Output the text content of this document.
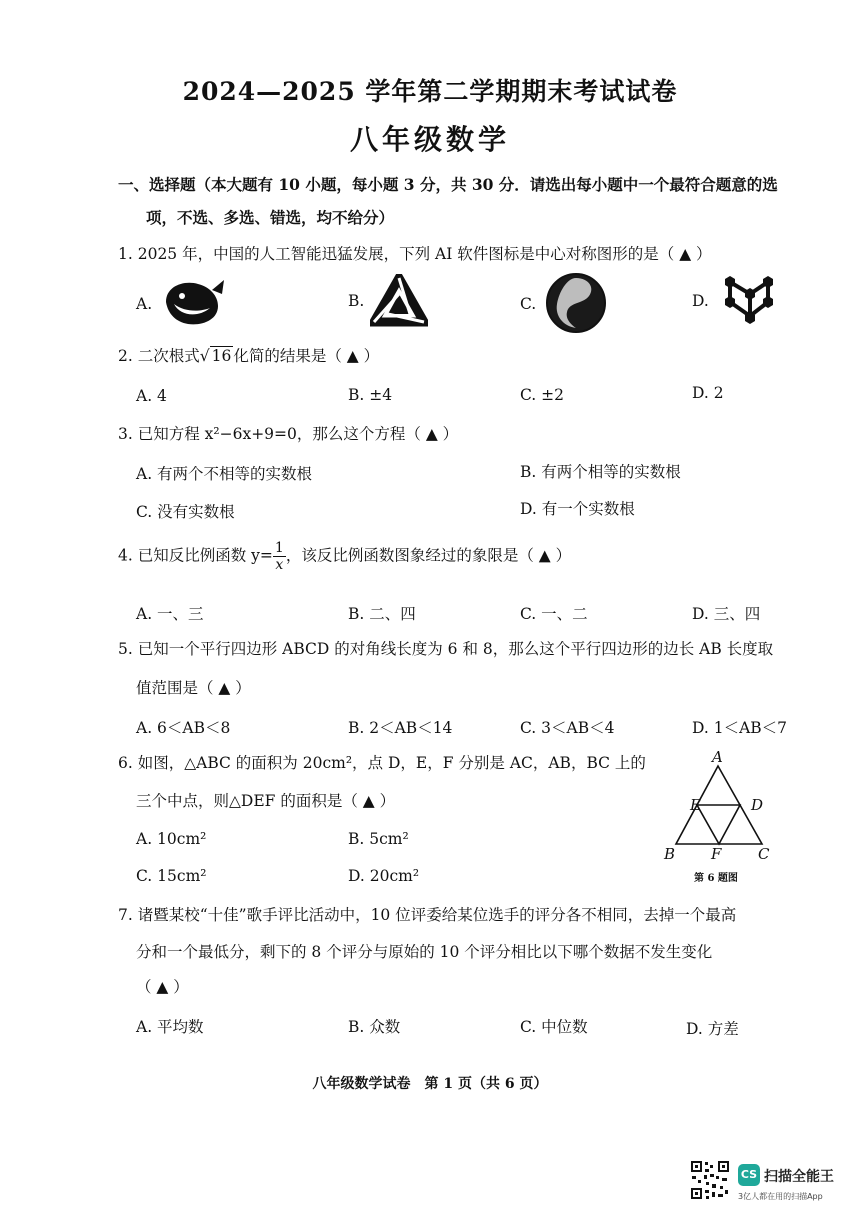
2024—2025 学年第二学期期末考试试卷
八年级数学
一、选择题（本大题有 10 小题，每小题 3 分，共 30 分．请选出每小题中一个最符合题意的选
项，不选、多选、错选，均不给分）
1. 2025 年，中国的人工智能迅猛发展，下列 AI 软件图标是中心对称图形的是（ ▲ ）
A.	B.	C.	D.
2. 二次根式√ 16 化简的结果是（ ▲ ）
A. 4	B. ±4	C. ±2	D. 2
3. 已知方程 x²−6x+9=0，那么这个方程（ ▲ ）
A. 有两个不相等的实数根	B. 有两个相等的实数根
C. 没有实数根	D. 有一个实数根
4. 已知反比例函数 $y= \frac{1}{x}$ ，该反比例函数图象经过的象限是（ ▲ ）
A. 一、三	B. 二、四	C. 一、二	D. 三、四
5. 已知一个平行四边形 ABCD 的对角线长度为 6 和 8，那么这个平行四边形的边长 AB 长度取
值范围是（ ▲ ）
A. 6＜AB＜8	B. 2＜AB＜14	C. 3＜AB＜4	D. 1＜AB＜7
6. 如图，△ABC 的面积为 20cm²，点 D，E，F 分别是 AC，AB，BC 上的
三个中点，则△DEF 的面积是（ ▲ ）
A. 10cm²	B. 5cm²
C. 15cm²	D. 20cm²
A
E	D
B F C
第 6 题图
7. 诸暨某校“十佳”歌手评比活动中，10 位评委给某位选手的评分各不相同，去掉一个最高
分和一个最低分，剩下的 8 个评分与原始的 10 个评分相比以下哪个数据不发生变化
（ ▲ ）
A. 平均数	B. 众数	C. 中位数	D. 方差
八年级数学试卷　第 1 页（共 6 页）
CS 扫描全能王
3亿人都在用的扫描App
